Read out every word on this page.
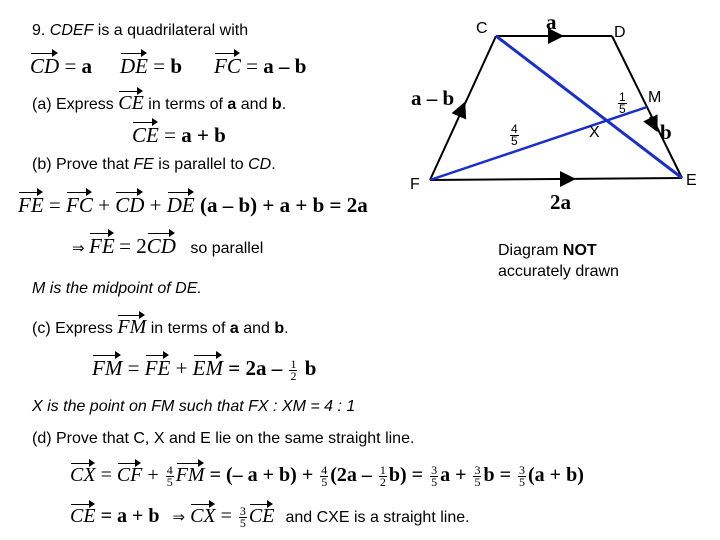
9. CDEF is a quadrilateral with
CD = a DE = b FC = a – b
(a) Express CE in terms of a and b.
CE = a + b
(b) Prove that FE is parallel to CD.
FE = FC + CD + DE (a – b) + a + b = 2a
⇒ FE = 2CD so parallel
M is the midpoint of DE.
(c) Express FM in terms of a and b.
FM = FE + EM = $2a - \frac{1}{2}$ b
X is the point on FM such that FX : XM = 4 : 1
(d) Prove that C, X and E lie on the same straight line.
CX = CF + $\frac{4}{5}$ FM = (– $a + b) + \frac{4}{5} (2a - \frac{1}{2} b) = \frac{3}{5}$ $a + \frac{3}{5}$ $b = \frac{3}{5} (a + b)$
CE = a + b ⇒ CX = $\frac{3}{5}$ CE and CXE is a straight line.
C	D
E
F
M
X
a
a – b
b
2a
$\frac{4}{5}$
$\frac{1}{5}$
Diagram NOT
accurately drawn
